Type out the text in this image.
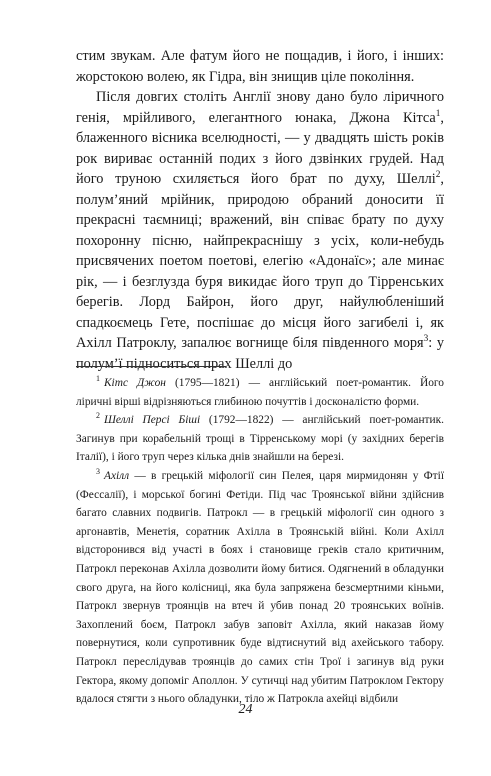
стим звукам. Але фатум його не пощадив, і його, і інших: жорстокою волею, як Гідра, він знищив ціле покоління.

Після довгих століть Англії знову дано було ліричного генія, мрійливого, елегантного юнака, Джона Кітса$^1$, блаженного вісника вселюдності, — у двадцять шість років рок вириває останній подих з його дзвінких грудей. Над його труною схиляється його брат по духу, Шеллі$^2$, полум’яний мрійник, природою обраний доносити її прекрасні таємниці; вражений, він співає брату по духу похоронну пісню, найпрекраснішу з усіх, коли-небудь присвячених поетом поетові, елегію «Адонаїс»; але минає рік, — і безглузда буря викидає його труп до Тірренських берегів. Лорд Байрон, його друг, найулюбленіший спадкоємець Гете, поспішає до місця його загибелі і, як Ахілл Патроклу, запалює вогнище біля південного моря$^3$: у полум’ї підноситься прах Шеллі до

$^1$ Кітс Джон (1795—1821) — англійський поет-романтик. Його ліричні вірші відрізняються глибиною почуттів і досконалістю форми.

$^2$ Шеллі Персі Біші (1792—1822) — англійський поет-романтик. Загинув при корабельній трощі в Тірренському морі (у західних берегів Італії), і його труп через кілька днів знайшли на березі.

$^3$ Ахілл — в грецькій міфології син Пелея, царя мирмидонян у Фтії (Фессалії), і морської богині Фетіди. Під час Троянської війни здійснив багато славних подвигів. Патрокл — в грецькій міфології син одного з аргонавтів, Менетія, соратник Ахілла в Троянській війні. Коли Ахілл відсторонився від участі в боях і становище греків стало критичним, Патрокл переконав Ахілла дозволити йому битися. Одягнений в обладунки свого друга, на його колісниці, яка була запряжена безсмертними кіньми, Патрокл звернув троянців на втеч й убив понад 20 троянських воїнів. Захоплений боєм, Патрокл забув заповіт Ахілла, який наказав йому повернутися, коли супротивник буде відтиснутий від ахейського табору. Патрокл переслідував троянців до самих стін Трої і загинув від руки Гектора, якому допоміг Аполлон. У сутичці над убитим Патроклом Гектору вдалося стягти з нього обладунки, тіло ж Патрокла ахейці відбили

24
